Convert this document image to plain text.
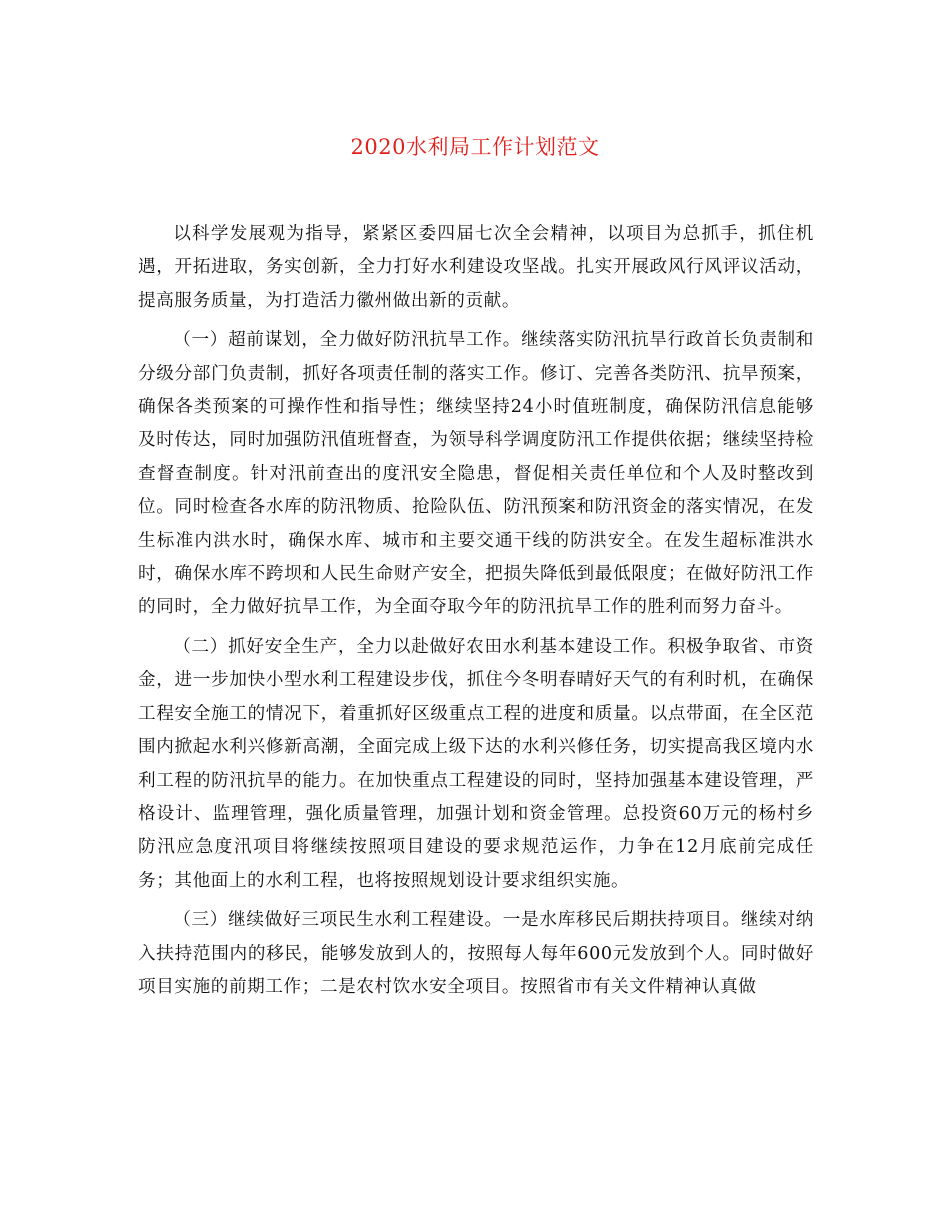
2020水利局工作计划范文

以科学发展观为指导，紧紧区委四届七次全会精神，以项目为总抓手，抓住机遇，开拓进取，务实创新，全力打好水利建设攻坚战。扎实开展政风行风评议活动，提高服务质量，为打造活力徽州做出新的贡献。

（一）超前谋划，全力做好防汛抗旱工作。继续落实防汛抗旱行政首长负责制和分级分部门负责制，抓好各项责任制的落实工作。修订、完善各类防汛、抗旱预案，确保各类预案的可操作性和指导性；继续坚持24小时值班制度，确保防汛信息能够及时传达，同时加强防汛值班督查，为领导科学调度防汛工作提供依据；继续坚持检查督查制度。针对汛前查出的度汛安全隐患，督促相关责任单位和个人及时整改到位。同时检查各水库的防汛物质、抢险队伍、防汛预案和防汛资金的落实情况，在发生标准内洪水时，确保水库、城市和主要交通干线的防洪安全。在发生超标准洪水时，确保水库不跨坝和人民生命财产安全，把损失降低到最低限度；在做好防汛工作的同时，全力做好抗旱工作，为全面夺取今年的防汛抗旱工作的胜利而努力奋斗。

（二）抓好安全生产，全力以赴做好农田水利基本建设工作。积极争取省、市资金，进一步加快小型水利工程建设步伐，抓住今冬明春晴好天气的有利时机，在确保工程安全施工的情况下，着重抓好区级重点工程的进度和质量。以点带面，在全区范围内掀起水利兴修新高潮，全面完成上级下达的水利兴修任务，切实提高我区境内水利工程的防汛抗旱的能力。在加快重点工程建设的同时，坚持加强基本建设管理，严格设计、监理管理，强化质量管理，加强计划和资金管理。总投资60万元的杨村乡防汛应急度汛项目将继续按照项目建设的要求规范运作，力争在12月底前完成任务；其他面上的水利工程，也将按照规划设计要求组织实施。

（三）继续做好三项民生水利工程建设。一是水库移民后期扶持项目。继续对纳入扶持范围内的移民，能够发放到人的，按照每人每年600元发放到个人。同时做好项目实施的前期工作；二是农村饮水安全项目。按照省市有关文件精神认真做
